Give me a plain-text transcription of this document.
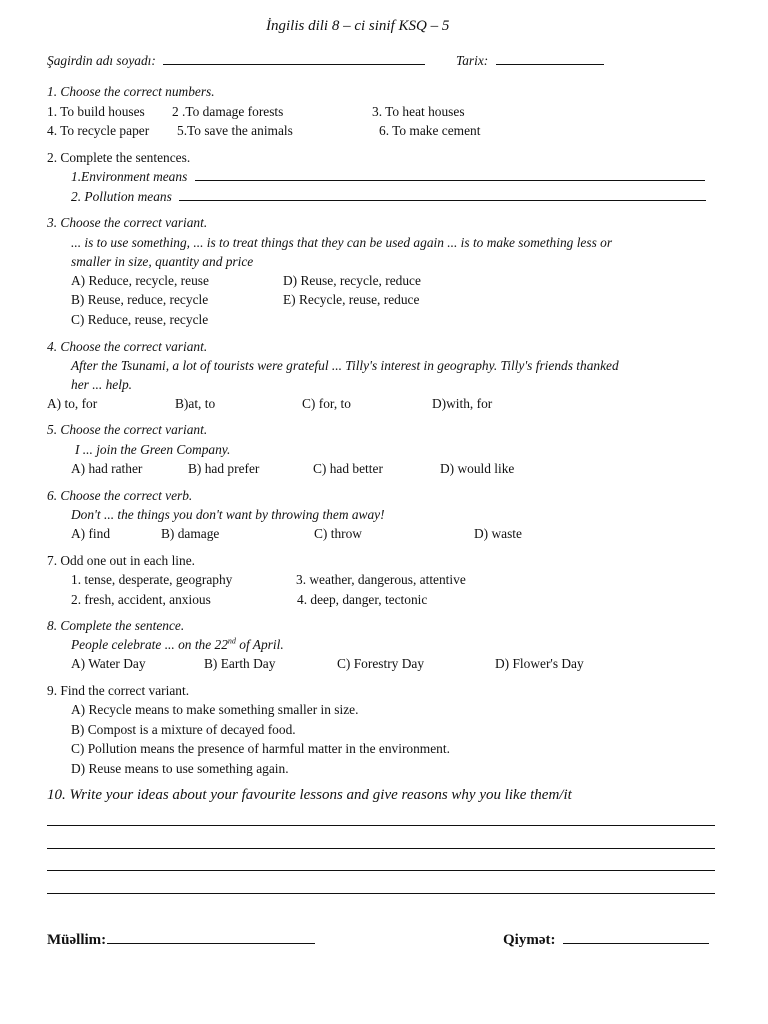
İngilis dili 8 – ci sinif KSQ – 5
Şagirdin adı soyadı:	Tarix:
1. Choose the correct numbers.
1. To build houses 2 .To damage forests	3. To heat houses
4. To recycle paper 5.To save the animals	6. To make cement
2. Complete the sentences.
1.Environment means
2. Pollution means
3. Choose the correct variant.
... is to use something, ... is to treat things that they can be used again ... is to make something less or
smaller in size, quantity and price
A) Reduce, recycle, reuse
B) Reuse, reduce, recycle
C) Reduce, reuse, recycle
D) Reuse, recycle, reduce
E) Recycle, reuse, reduce
4. Choose the correct variant.
After the Tsunami, a lot of tourists were grateful ... Tilly's interest in geography. Tilly's friends thanked
her ... help.
A) to, for	B)at, to	C) for, to	D)with, for
5. Choose the correct variant.
I ... join the Green Company.
A) had rather	B) had prefer	C) had better	D) would like
6. Choose the correct verb.
Don't ... the things you don't want by throwing them away!
A) find	B) damage	C) throw	D) waste
7. Odd one out in each line.
1. tense, desperate, geography
2. fresh, accident, anxious
3. weather, dangerous, attentive
4. deep, danger, tectonic
8. Complete the sentence.
People celebrate ... on the 22nd of April.
A) Water Day	B) Earth Day	C) Forestry Day	D) Flower's Day
9. Find the correct variant.
A) Recycle means to make something smaller in size.
B) Compost is a mixture of decayed food.
C) Pollution means the presence of harmful matter in the environment.
D) Reuse means to use something again.
10. Write your ideas about your favourite lessons and give reasons why you like them/it
Müəllim:	Qiymət:
